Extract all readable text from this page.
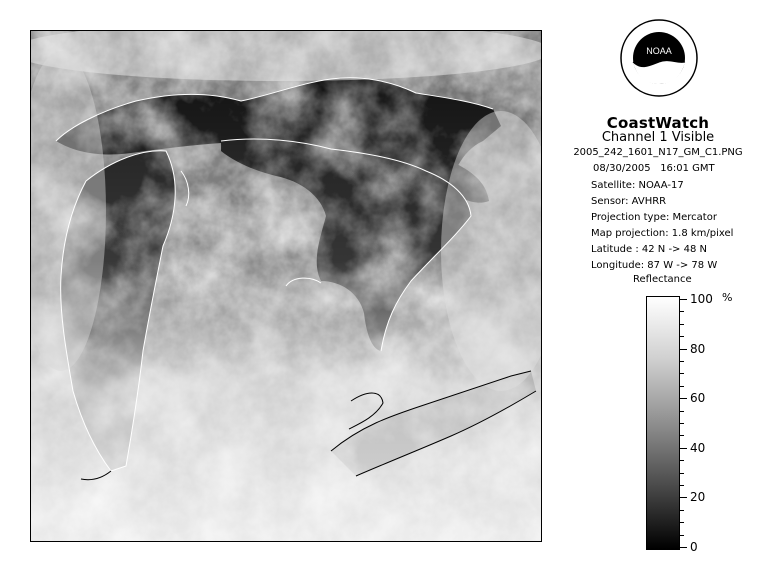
NOAA
CoastWatch
Channel 1 Visible
2005_242_1601_N17_GM_C1.PNG
08/30/2005 16:01 GMT
Satellite: NOAA-17
Sensor: AVHRR
Projection type: Mercator
Map projection: 1.8 km/pixel
Latitude : 42 N -> 48 N
Longitude: 87 W -> 78 W
Reflectance
%
100
80
60
40
20
0
